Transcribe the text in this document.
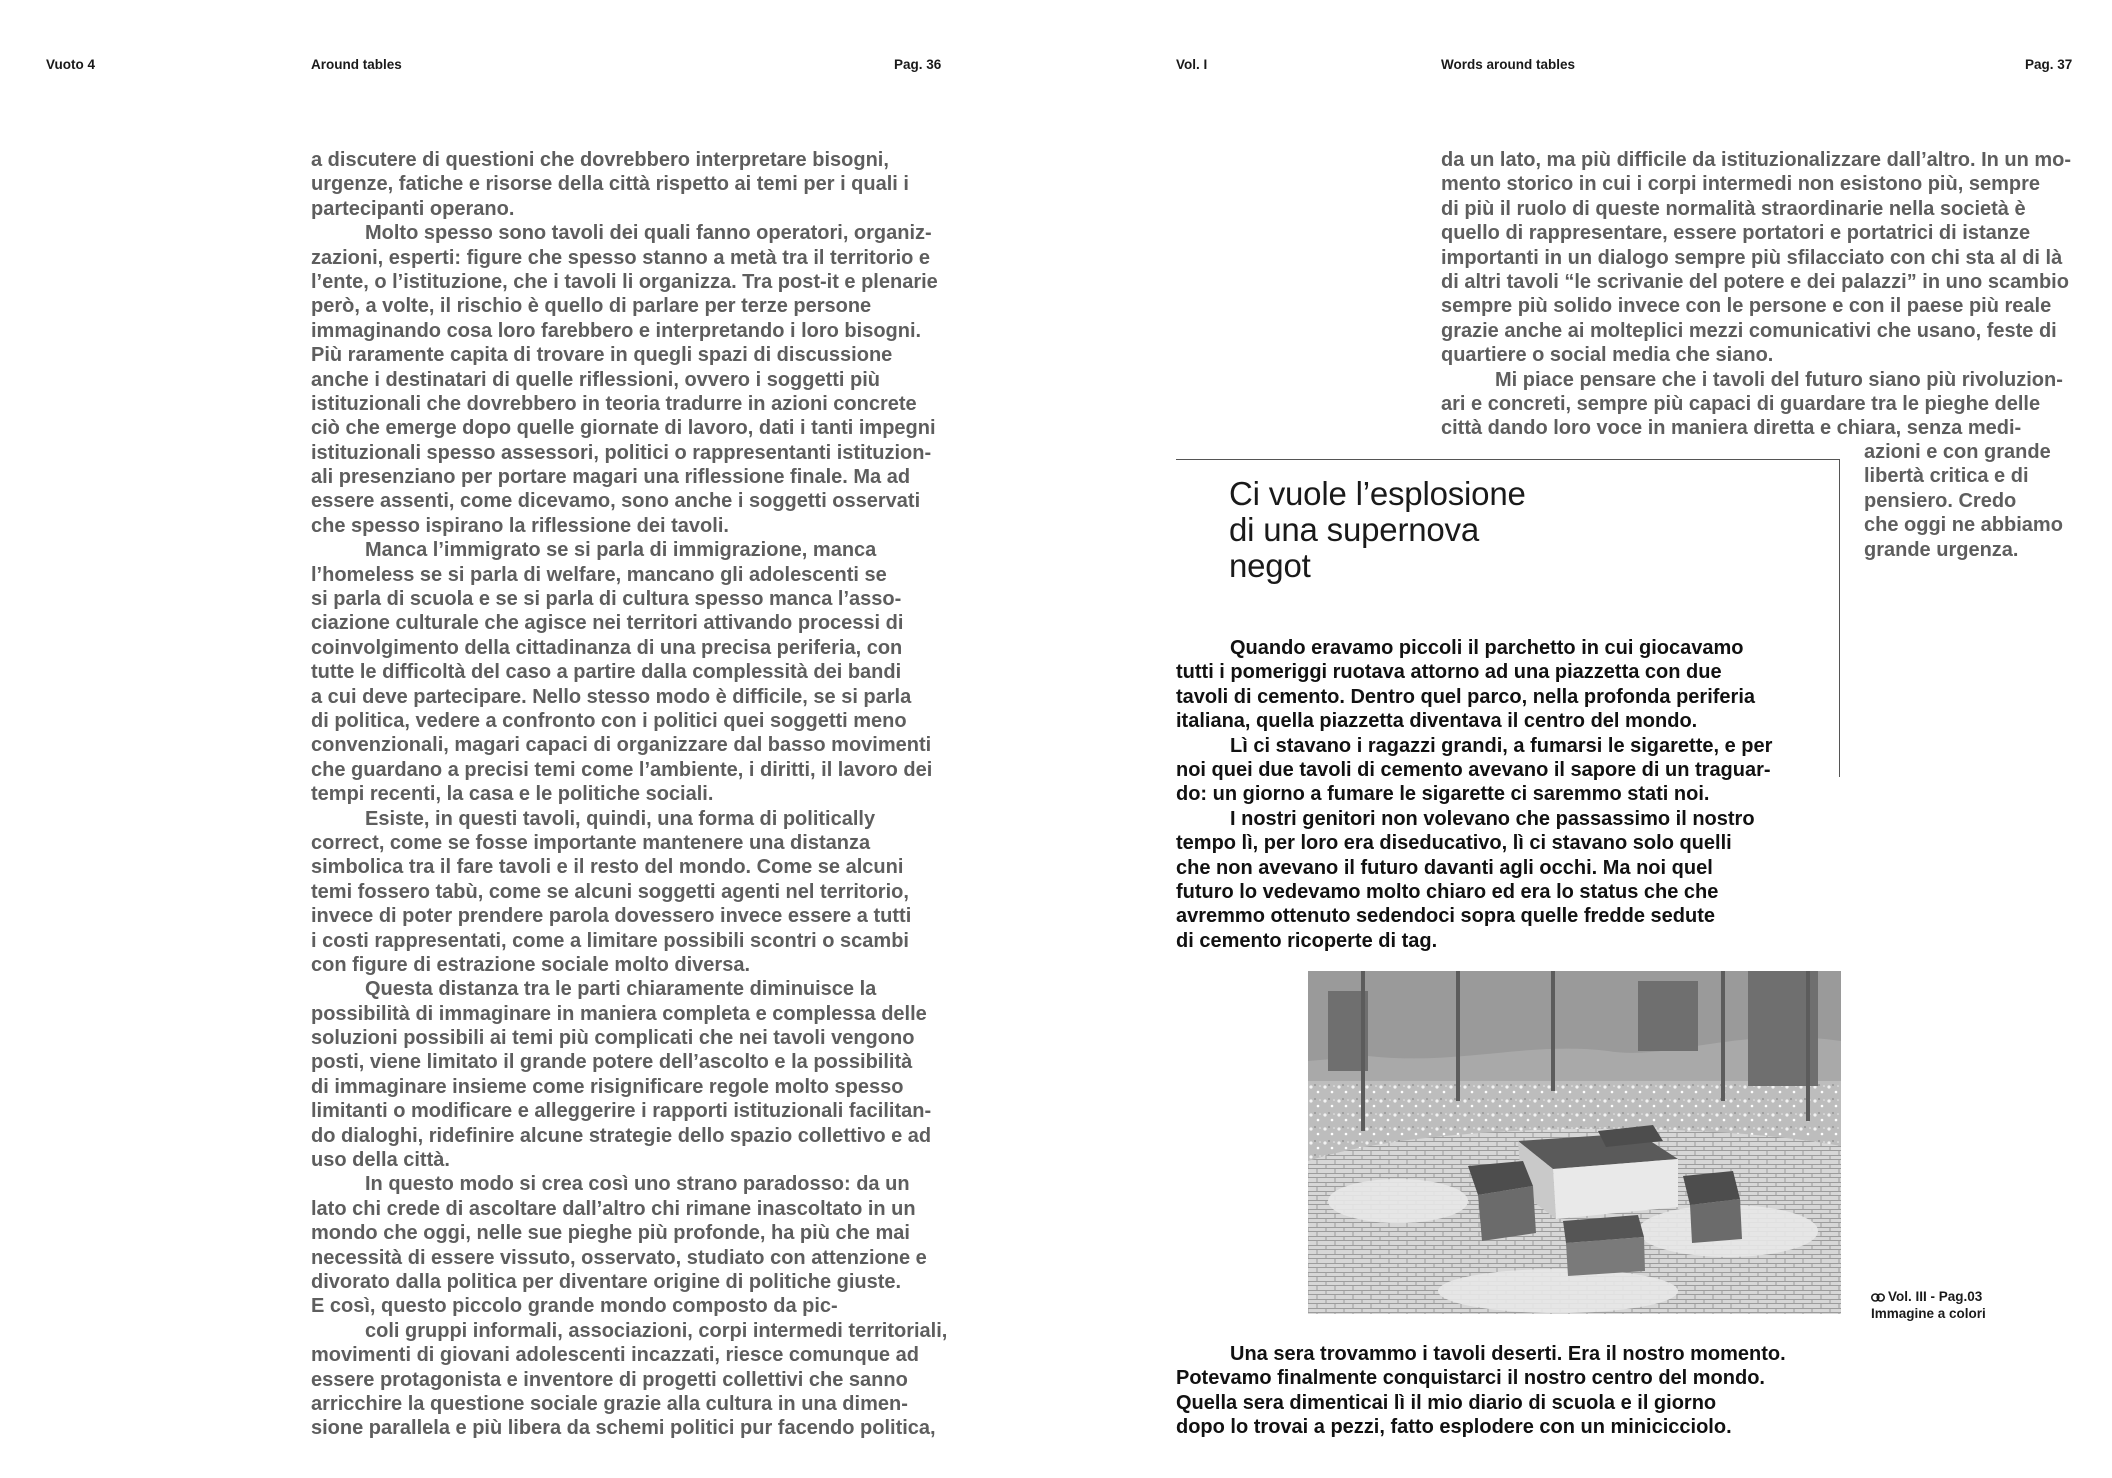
Vuoto 4	Around tables	Pag. 36	Vol. I	Words around tables	Pag. 37
a discutere di questioni che dovrebbero interpretare bisogni,
urgenze, fatiche e risorse della città rispetto ai temi per i quali i
partecipanti operano.
Molto spesso sono tavoli dei quali fanno operatori, organiz-
zazioni, esperti: figure che spesso stanno a metà tra il territorio e
l’ente, o l’istituzione, che i tavoli li organizza. Tra post-it e plenarie
però, a volte, il rischio è quello di parlare per terze persone
immaginando cosa loro farebbero e interpretando i loro bisogni.
Più raramente capita di trovare in quegli spazi di discussione
anche i destinatari di quelle riflessioni, ovvero i soggetti più
istituzionali che dovrebbero in teoria tradurre in azioni concrete
ciò che emerge dopo quelle giornate di lavoro, dati i tanti impegni
istituzionali spesso assessori, politici o rappresentanti istituzion-
ali presenziano per portare magari una riflessione finale. Ma ad
essere assenti, come dicevamo, sono anche i soggetti osservati
che spesso ispirano la riflessione dei tavoli.
Manca l’immigrato se si parla di immigrazione, manca
l’homeless se si parla di welfare, mancano gli adolescenti se
si parla di scuola e se si parla di cultura spesso manca l’asso-
ciazione culturale che agisce nei territori attivando processi di
coinvolgimento della cittadinanza di una precisa periferia, con
tutte le difficoltà del caso a partire dalla complessità dei bandi
a cui deve partecipare. Nello stesso modo è difficile, se si parla
di politica, vedere a confronto con i politici quei soggetti meno
convenzionali, magari capaci di organizzare dal basso movimenti
che guardano a precisi temi come l’ambiente, i diritti, il lavoro dei
tempi recenti, la casa e le politiche sociali.
Esiste, in questi tavoli, quindi, una forma di politically
correct, come se fosse importante mantenere una distanza
simbolica tra il fare tavoli e il resto del mondo. Come se alcuni
temi fossero tabù, come se alcuni soggetti agenti nel territorio,
invece di poter prendere parola dovessero invece essere a tutti
i costi rappresentati, come a limitare possibili scontri o scambi
con figure di estrazione sociale molto diversa.
Questa distanza tra le parti chiaramente diminuisce la
possibilità di immaginare in maniera completa e complessa delle
soluzioni possibili ai temi più complicati che nei tavoli vengono
posti, viene limitato il grande potere dell’ascolto e la possibilità
di immaginare insieme come risignificare regole molto spesso
limitanti o modificare e alleggerire i rapporti istituzionali facilitan-
do dialoghi, ridefinire alcune strategie dello spazio collettivo e ad
uso della città.
In questo modo si crea così uno strano paradosso: da un
lato chi crede di ascoltare dall’altro chi rimane inascoltato in un
mondo che oggi, nelle sue pieghe più profonde, ha più che mai
necessità di essere vissuto, osservato, studiato con attenzione e
divorato dalla politica per diventare origine di politiche giuste.
E così, questo piccolo grande mondo composto da pic-
coli gruppi informali, associazioni, corpi intermedi territoriali,
movimenti di giovani adolescenti incazzati, riesce comunque ad
essere protagonista e inventore di progetti collettivi che sanno
arricchire la questione sociale grazie alla cultura in una dimen-
sione parallela e più libera da schemi politici pur facendo politica,
da un lato, ma più difficile da istituzionalizzare dall’altro. In un mo-
mento storico in cui i corpi intermedi non esistono più, sempre
di più il ruolo di queste normalità straordinarie nella società è
quello di rappresentare, essere portatori e portatrici di istanze
importanti in un dialogo sempre più sfilacciato con chi sta al di là
di altri tavoli “le scrivanie del potere e dei palazzi” in uno scambio
sempre più solido invece con le persone e con il paese più reale
grazie anche ai molteplici mezzi comunicativi che usano, feste di
quartiere o social media che siano.
Mi piace pensare che i tavoli del futuro siano più rivoluzion-
ari e concreti, sempre più capaci di guardare tra le pieghe delle
città dando loro voce in maniera diretta e chiara, senza medi-
azioni e con grande
libertà critica e di
pensiero. Credo
che oggi ne abbiamo
grande urgenza.
Ci vuole l’esplosione
di una supernova
negot
Quando eravamo piccoli il parchetto in cui giocavamo
tutti i pomeriggi ruotava attorno ad una piazzetta con due
tavoli di cemento. Dentro quel parco, nella profonda periferia
italiana, quella piazzetta diventava il centro del mondo.
Lì ci stavano i ragazzi grandi, a fumarsi le sigarette, e per
noi quei due tavoli di cemento avevano il sapore di un traguar-
do: un giorno a fumare le sigarette ci saremmo stati noi.
I nostri genitori non volevano che passassimo il nostro
tempo lì, per loro era diseducativo, lì ci stavano solo quelli
che non avevano il futuro davanti agli occhi. Ma noi quel
futuro lo vedevamo molto chiaro ed era lo status che che
avremmo ottenuto sedendoci sopra quelle fredde sedute
di cemento ricoperte di tag.
Vol. III - Pag.03
Immagine a colori
Una sera trovammo i tavoli deserti. Era il nostro momento.
Potevamo finalmente conquistarci il nostro centro del mondo.
Quella sera dimenticai lì il mio diario di scuola e il giorno
dopo lo trovai a pezzi, fatto esplodere con un minicicciolo.
